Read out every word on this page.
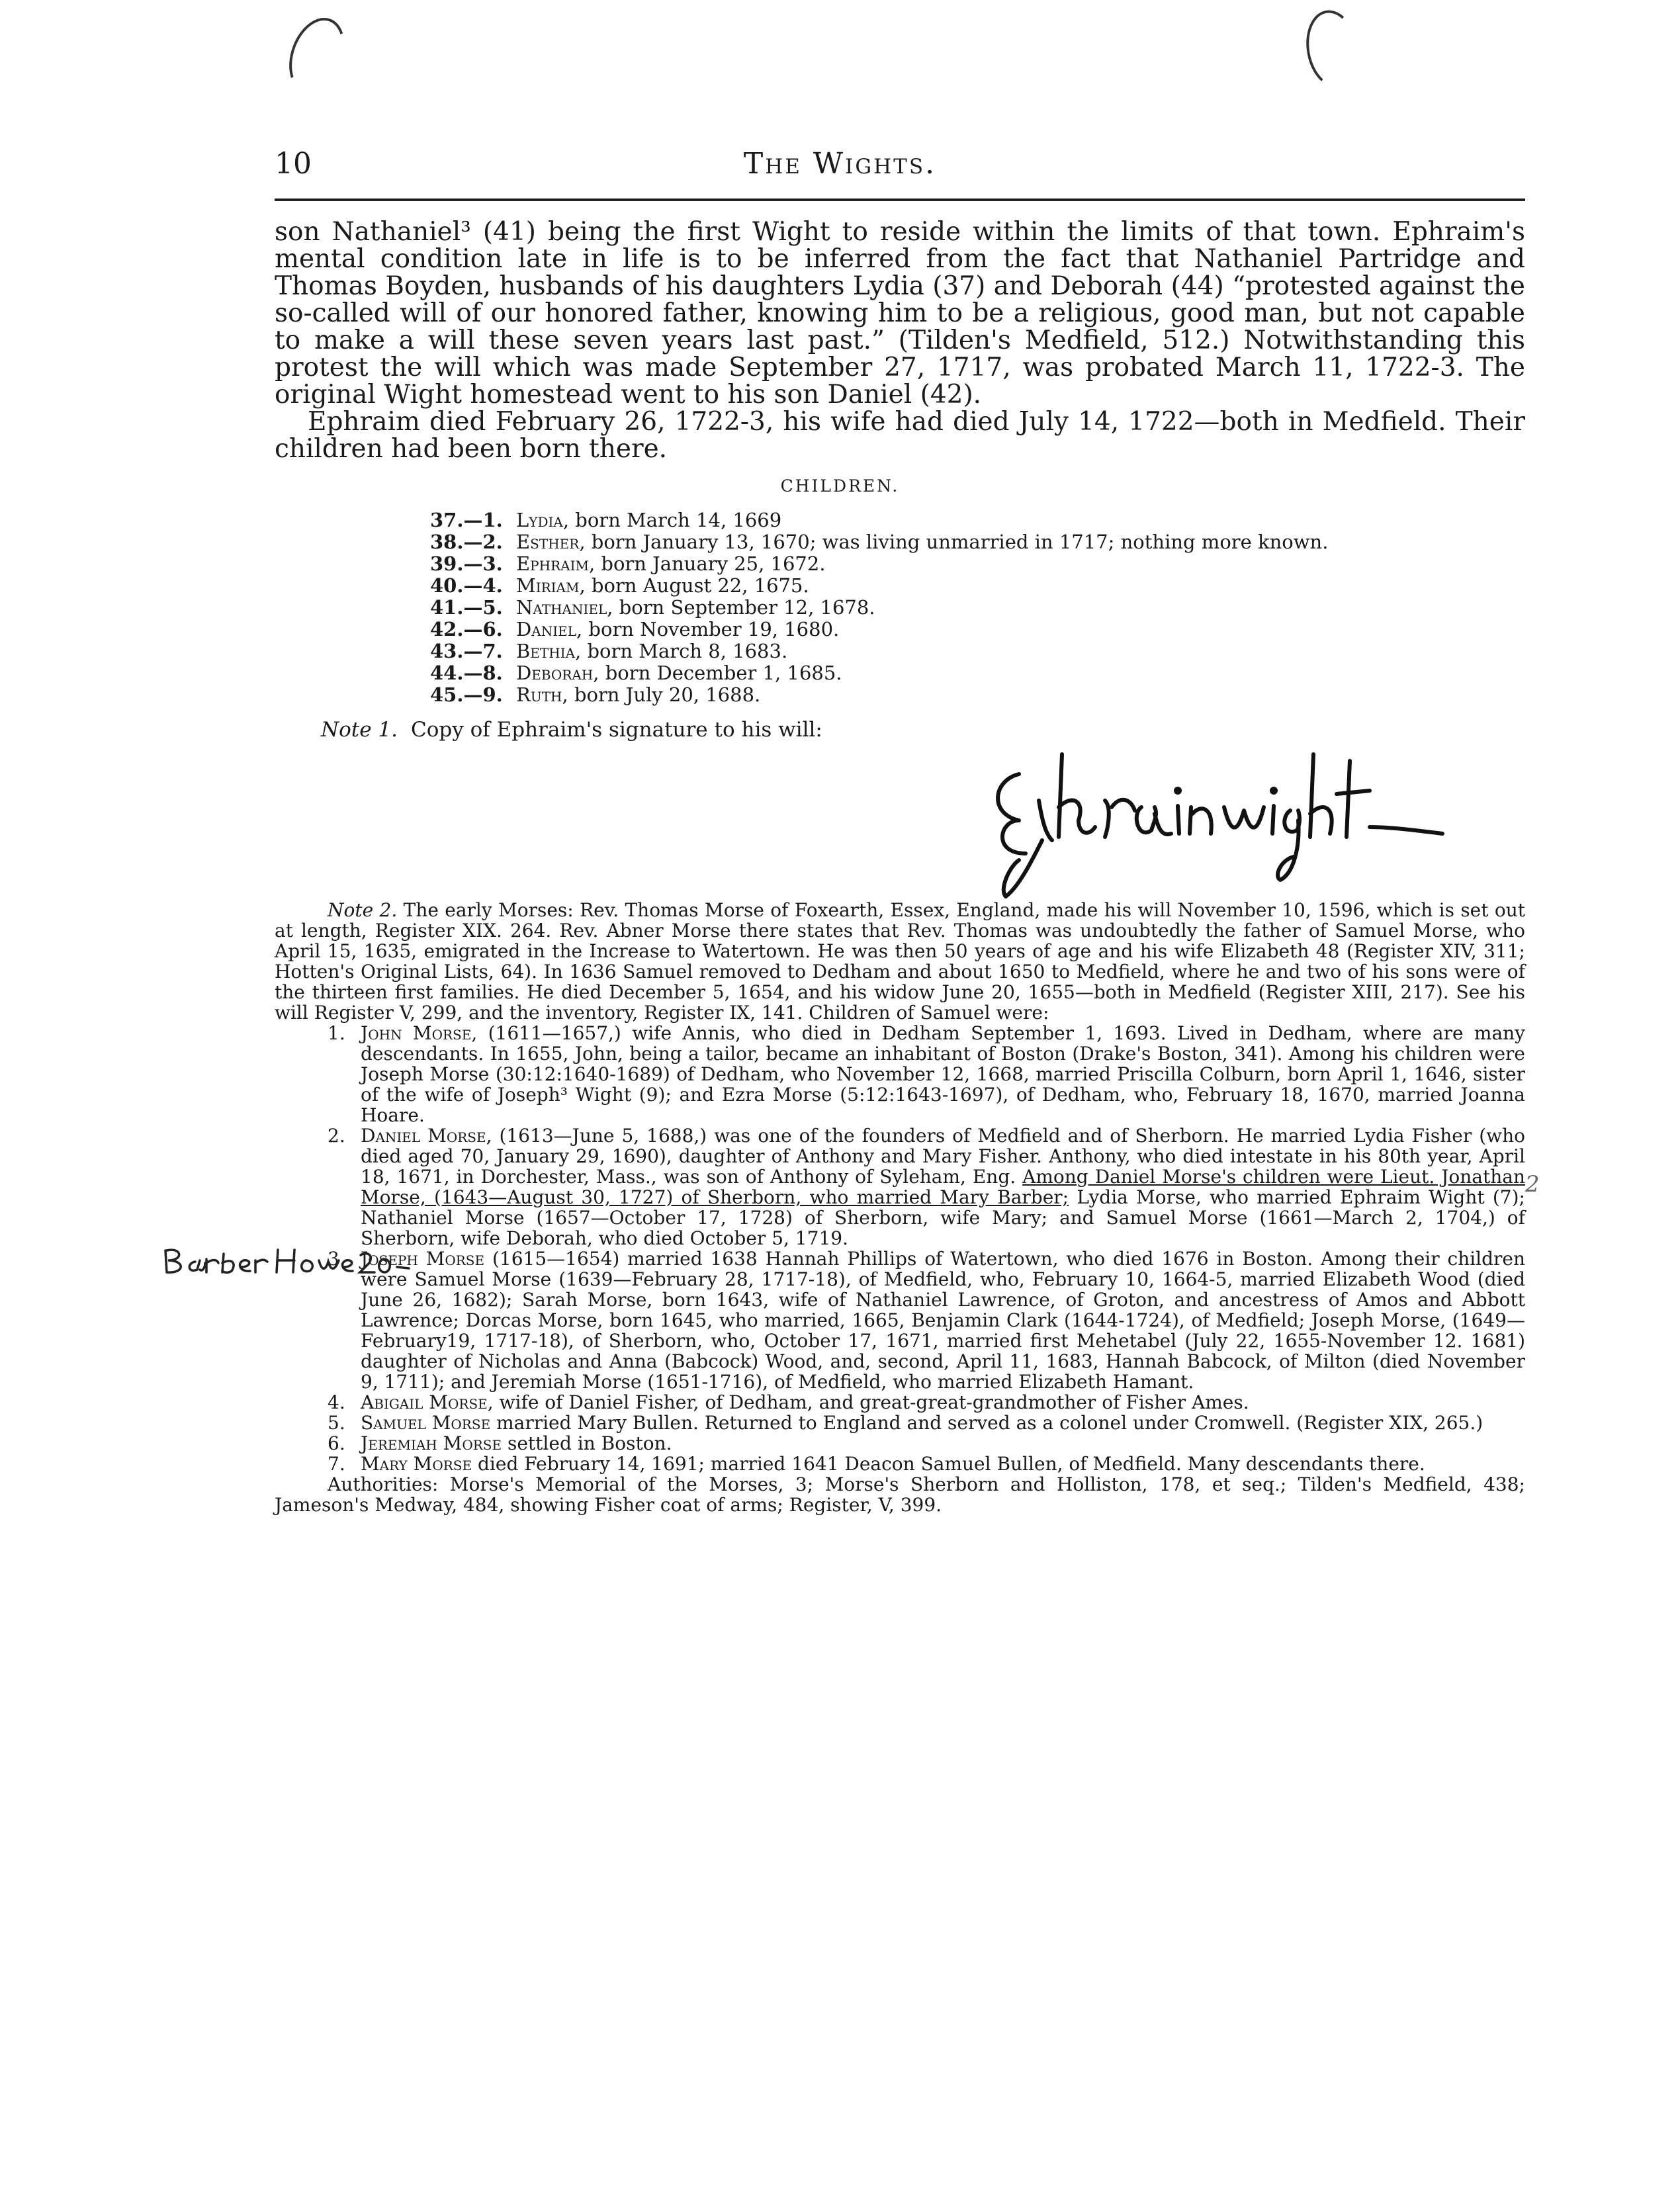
10	The Wights.

son Nathaniel³ (41) being the first Wight to reside within the limits of that town. Ephraim's mental condition late in life is to be inferred from the fact that Nathaniel Partridge and Thomas Boyden, husbands of his daughters Lydia (37) and Deborah (44) “protested against the so-called will of our honored father, knowing him to be a religious, good man, but not capable to make a will these seven years last past.” (Tilden's Medfield, 512.) Notwithstanding this protest the will which was made September 27, 1717, was probated March 11, 1722-3. The original Wight homestead went to his son Daniel (42).

Ephraim died February 26, 1722-3, his wife had died July 14, 1722—both in Medfield. Their children had been born there.

CHILDREN.
37.—1. Lydia, born March 14, 1669
38.—2. Esther, born January 13, 1670; was living unmarried in 1717; nothing more known.
39.—3. Ephraim, born January 25, 1672.
40.—4. Miriam, born August 22, 1675.
41.—5. Nathaniel, born September 12, 1678.
42.—6. Daniel, born November 19, 1680.
43.—7. Bethia, born March 8, 1683.
44.—8. Deborah, born December 1, 1685.
45.—9. Ruth, born July 20, 1688.
Note 1. Copy of Ephraim's signature to his will:

Note 2. The early Morses: Rev. Thomas Morse of Foxearth, Essex, England, made his will November 10, 1596, which is set out at length, Register XIX. 264. Rev. Abner Morse there states that Rev. Thomas was undoubtedly the father of Samuel Morse, who April 15, 1635, emigrated in the Increase to Watertown. He was then 50 years of age and his wife Elizabeth 48 (Register XIV, 311; Hotten's Original Lists, 64). In 1636 Samuel removed to Dedham and about 1650 to Medfield, where he and two of his sons were of the thirteen first families. He died December 5, 1654, and his widow June 20, 1655—both in Medfield (Register XIII, 217). See his will Register V, 299, and the inventory, Register IX, 141. Children of Samuel were:

1. John Morse, (1611—1657,) wife Annis, who died in Dedham September 1, 1693. Lived in Dedham, where are many descendants. In 1655, John, being a tailor, became an inhabitant of Boston (Drake's Boston, 341). Among his children were Joseph Morse (30:12:1640-1689) of Dedham, who November 12, 1668, married Priscilla Colburn, born April 1, 1646, sister of the wife of Joseph³ Wight (9); and Ezra Morse (5:12:1643-1697), of Dedham, who, February 18, 1670, married Joanna Hoare.
2. Daniel Morse, (1613—June 5, 1688,) was one of the founders of Medfield and of Sherborn. He married Lydia Fisher (who died aged 70, January 29, 1690), daughter of Anthony and Mary Fisher. Anthony, who died intestate in his 80th year, April 18, 1671, in Dorchester, Mass., was son of Anthony of Syleham, Eng. Among Daniel Morse's children were Lieut. Jonathan Morse, (1643—August 30, 1727) of Sherborn, who married Mary Barber; Lydia Morse, who married Ephraim Wight (7); Nathaniel Morse (1657—October 17, 1728) of Sherborn, wife Mary; and Samuel Morse (1661—March 2, 1704,) of Sherborn, wife Deborah, who died October 5, 1719.
3. Joseph Morse (1615—1654) married 1638 Hannah Phillips of Watertown, who died 1676 in Boston. Among their children were Samuel Morse (1639—February 28, 1717-18), of Medfield, who, February 10, 1664-5, married Elizabeth Wood (died June 26, 1682); Sarah Morse, born 1643, wife of Nathaniel Lawrence, of Groton, and ancestress of Amos and Abbott Lawrence; Dorcas Morse, born 1645, who married, 1665, Benjamin Clark (1644-1724), of Medfield; Joseph Morse, (1649—February19, 1717-18), of Sherborn, who, October 17, 1671, married first Mehetabel (July 22, 1655-November 12. 1681) daughter of Nicholas and Anna (Babcock) Wood, and, second, April 11, 1683, Hannah Babcock, of Milton (died November 9, 1711); and Jeremiah Morse (1651-1716), of Medfield, who married Elizabeth Hamant.
4. Abigail Morse, wife of Daniel Fisher, of Dedham, and great-great-grandmother of Fisher Ames.
5. Samuel Morse married Mary Bullen. Returned to England and served as a colonel under Cromwell. (Register XIX, 265.)
6. Jeremiah Morse settled in Boston.
7. Mary Morse died February 14, 1691; married 1641 Deacon Samuel Bullen, of Medfield. Many descendants there.

Authorities: Morse's Memorial of the Morses, 3; Morse's Sherborn and Holliston, 178, et seq.; Tilden's Medfield, 438; Jameson's Medway, 484, showing Fisher coat of arms; Register, V, 399.

2
